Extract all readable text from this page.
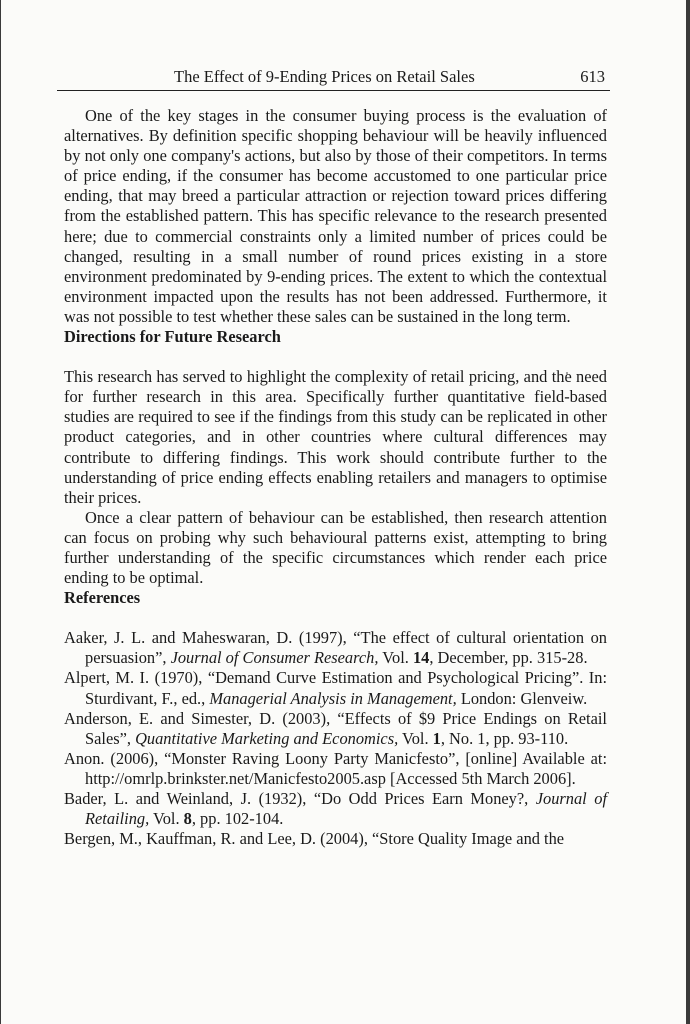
The Effect of 9-Ending Prices on Retail Sales	613

One of the key stages in the consumer buying process is the evaluation of alternatives. By definition specific shopping behaviour will be heavily influenced by not only one company's actions, but also by those of their competitors. In terms of price ending, if the consumer has become accustomed to one particular price ending, that may breed a particular attraction or rejection toward prices differing from the established pattern. This has specific relevance to the research presented here; due to commercial constraints only a limited number of prices could be changed, resulting in a small number of round prices existing in a store environment predominated by 9-ending prices. The extent to which the contextual environment impacted upon the results has not been addressed. Furthermore, it was not possible to test whether these sales can be sustained in the long term.

Directions for Future Research

This research has served to highlight the complexity of retail pricing, and the need for further research in this area. Specifically further quantitative field-based studies are required to see if the findings from this study can be replicated in other product categories, and in other countries where cultural differences may contribute to differing findings. This work should contribute further to the understanding of price ending effects enabling retailers and managers to optimise their prices.

Once a clear pattern of behaviour can be established, then research attention can focus on probing why such behavioural patterns exist, attempting to bring further understanding of the specific circumstances which render each price ending to be optimal.

References

Aaker, J. L. and Maheswaran, D. (1997), “The effect of cultural orientation on persuasion”, Journal of Consumer Research, Vol. 14, December, pp. 315-28.
Alpert, M. I. (1970), “Demand Curve Estimation and Psychological Pricing”. In: Sturdivant, F., ed., Managerial Analysis in Management, London: Glenveiw.
Anderson, E. and Simester, D. (2003), “Effects of $9 Price Endings on Retail Sales”, Quantitative Marketing and Economics, Vol. 1, No. 1, pp. 93-110.
Anon. (2006), “Monster Raving Loony Party Manicfesto”, [online] Available at: http://omrlp.brinkster.net/Manicfesto2005.asp [Accessed 5th March 2006].
Bader, L. and Weinland, J. (1932), “Do Odd Prices Earn Money?, Journal of Retailing, Vol. 8, pp. 102-104.
Bergen, M., Kauffman, R. and Lee, D. (2004), “Store Quality Image and the
